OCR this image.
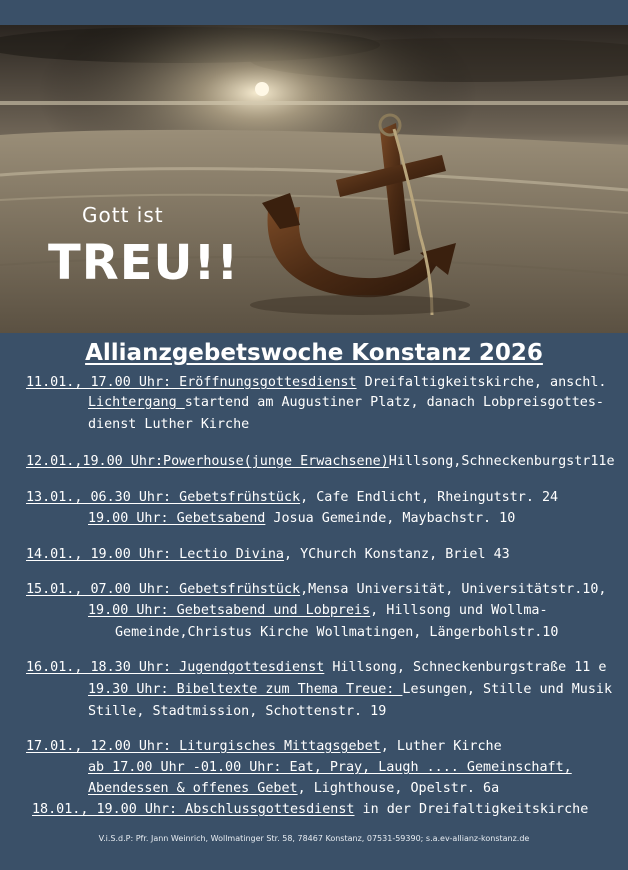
Gott ist
TREU!!
Allianzgebetswoche Konstanz 2026
11.01., 17.00 Uhr: Eröffnungsgottesdienst Dreifaltigkeitskirche, anschl.
Lichtergang startend am Augustiner Platz, danach Lobpreisgottes-
dienst Luther Kirche
12.01.,19.00 Uhr:Powerhouse(junge Erwachsene)Hillsong,Schneckenburgstr11e
13.01., 06.30 Uhr: Gebetsfrühstück, Cafe Endlicht, Rheingutstr. 24
19.00 Uhr: Gebetsabend Josua Gemeinde, Maybachstr. 10
14.01., 19.00 Uhr: Lectio Divina, YChurch Konstanz, Briel 43
15.01., 07.00 Uhr: Gebetsfrühstück,Mensa Universität, Universitätstr.10,
19.00 Uhr: Gebetsabend und Lobpreis, Hillsong und Wollma-
Gemeinde,Christus Kirche Wollmatingen, Längerbohlstr.10
16.01., 18.30 Uhr: Jugendgottesdienst Hillsong, Schneckenburgstraße 11 e
19.30 Uhr: Bibeltexte zum Thema Treue: Lesungen, Stille und Musik
Stille, Stadtmission, Schottenstr. 19
17.01., 12.00 Uhr: Liturgisches Mittagsgebet, Luther Kirche
ab 17.00 Uhr -01.00 Uhr: Eat, Pray, Laugh .... Gemeinschaft,
Abendessen & offenes Gebet, Lighthouse, Opelstr. 6a
18.01., 19.00 Uhr: Abschlussgottesdienst in der Dreifaltigkeitskirche
V.i.S.d.P: Pfr. Jann Weinrich, Wollmatinger Str. 58, 78467 Konstanz, 07531-59390; s.a.ev-allianz-konstanz.de
